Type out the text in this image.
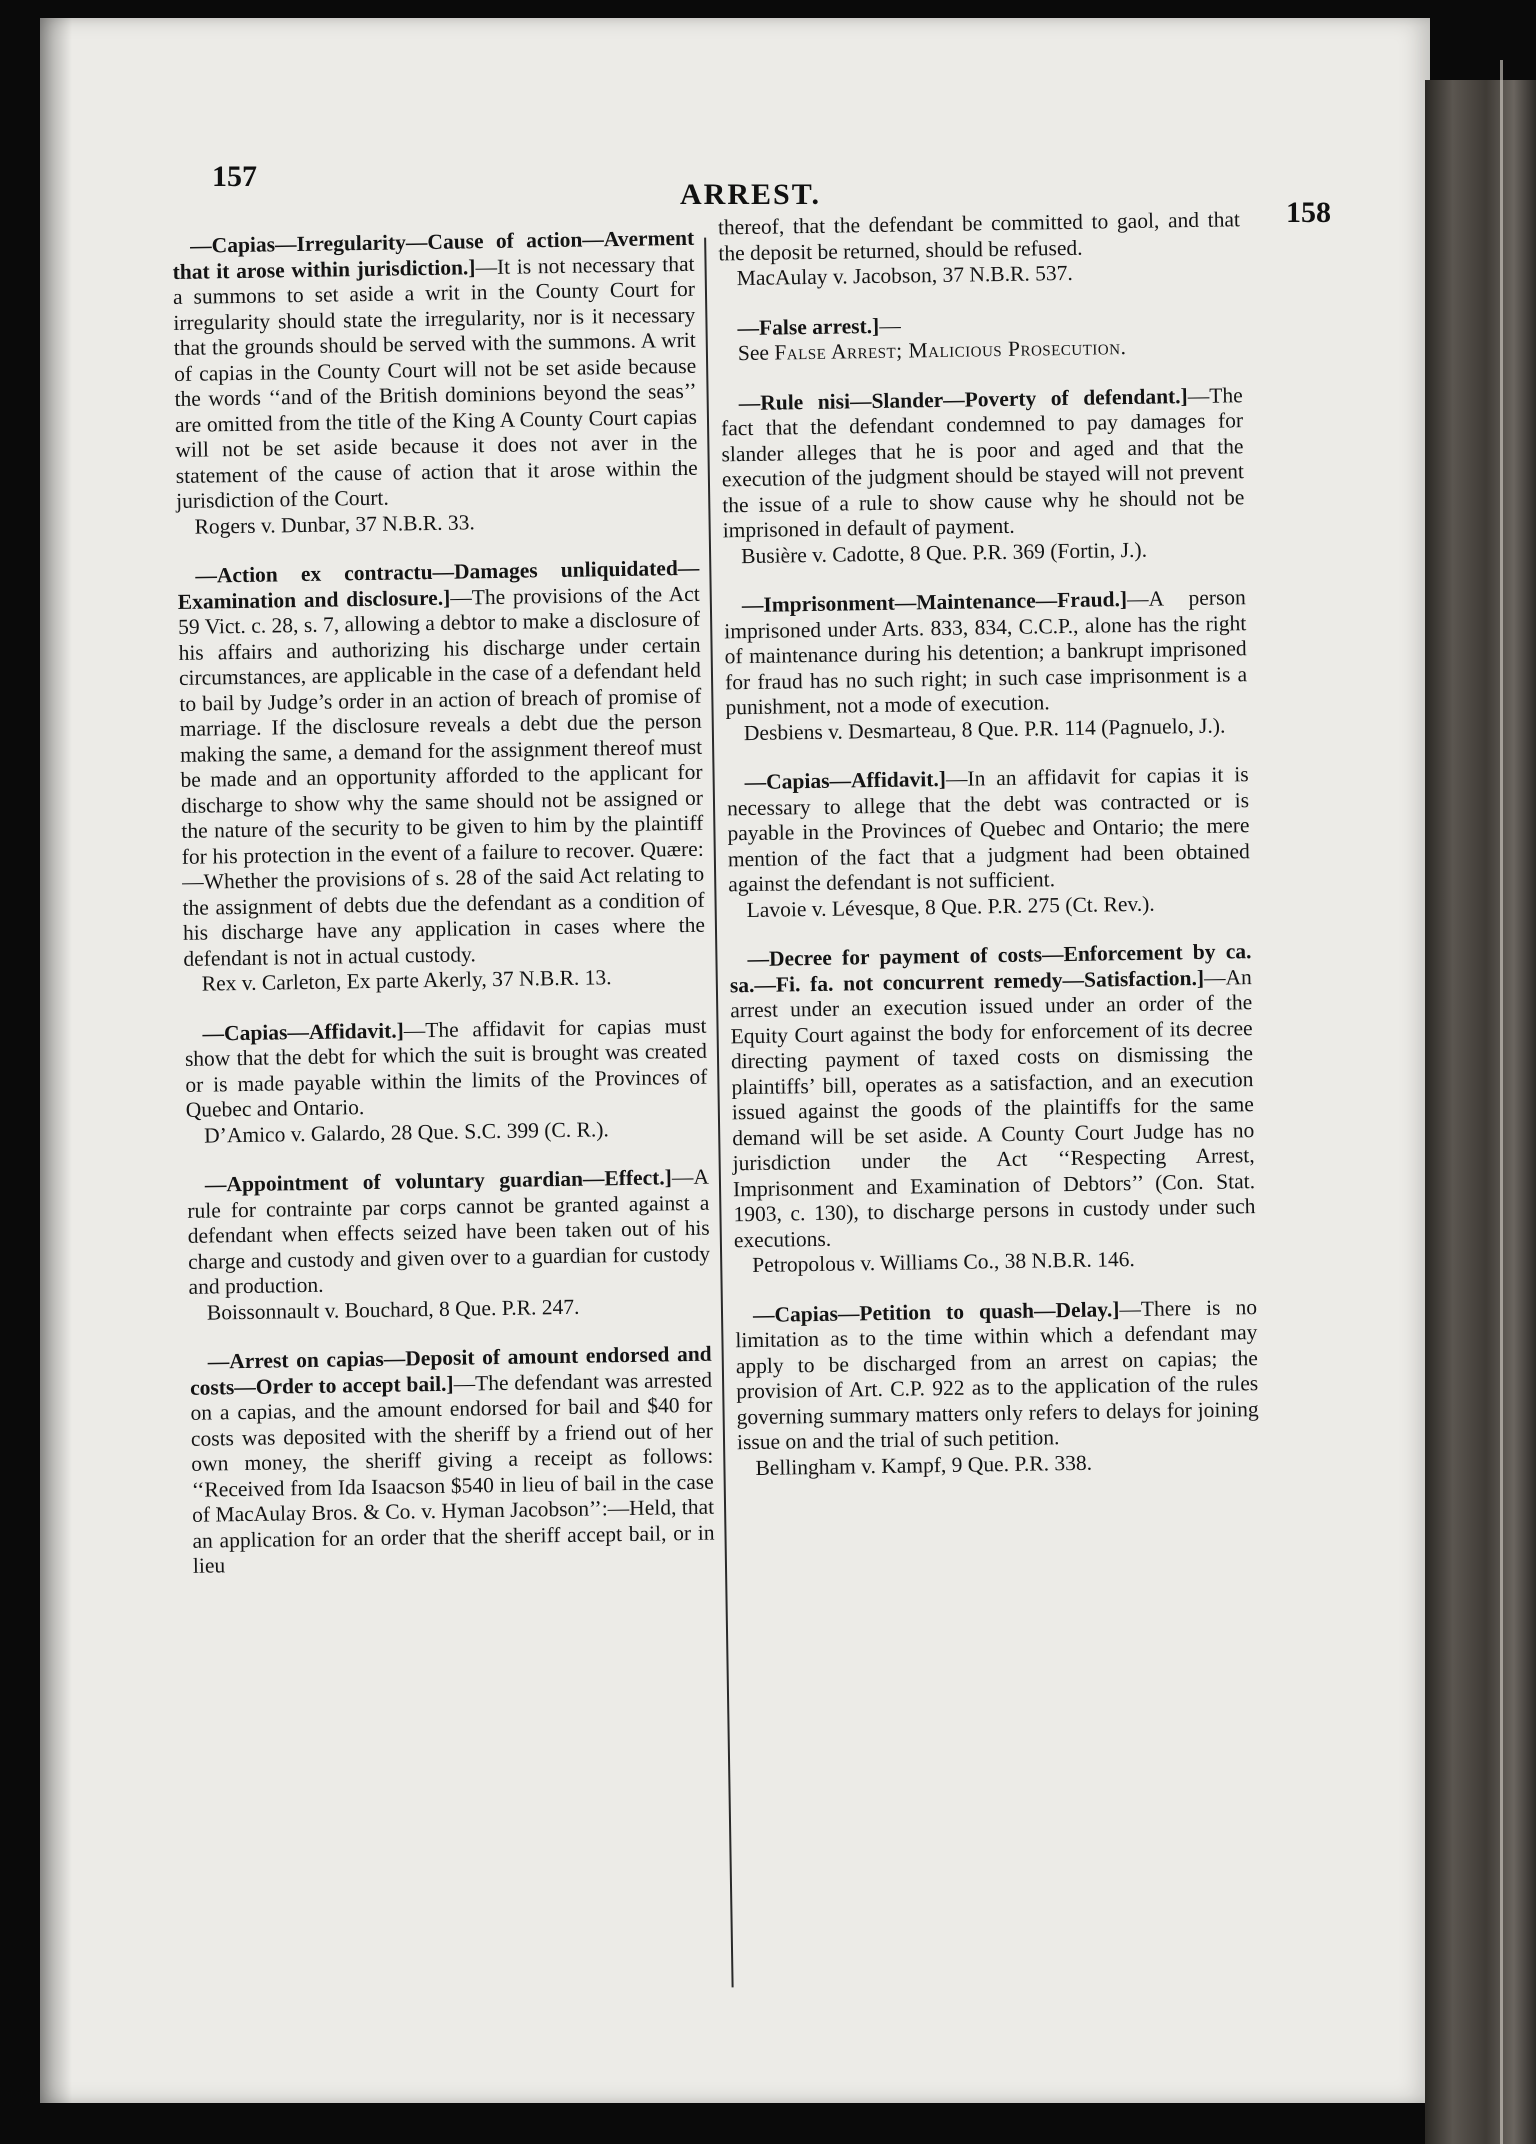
157
ARREST.
158

—Capias—Irregularity—Cause of action—Averment that it arose within jurisdiction.]—It is not necessary that a summons to set aside a writ in the County Court for irregularity should state the irregularity, nor is it necessary that the grounds should be served with the summons. A writ of capias in the County Court will not be set aside because the words ‘‘and of the British dominions beyond the seas’’ are omitted from the title of the King A County Court capias will not be set aside because it does not aver in the statement of the cause of action that it arose within the jurisdiction of the Court.

Rogers v. Dunbar, 37 N.B.R. 33.

—Action ex contractu—Damages unliquidated—Examination and disclosure.]—The provisions of the Act 59 Vict. c. 28, s. 7, allowing a debtor to make a disclosure of his affairs and authorizing his discharge under certain circumstances, are applicable in the case of a defendant held to bail by Judge’s order in an action of breach of promise of marriage. If the disclosure reveals a debt due the person making the same, a demand for the assignment thereof must be made and an opportunity afforded to the applicant for discharge to show why the same should not be assigned or the nature of the security to be given to him by the plaintiff for his protection in the event of a failure to recover. Quære:—Whether the provisions of s. 28 of the said Act relating to the assignment of debts due the defendant as a condition of his discharge have any application in cases where the defendant is not in actual custody.

Rex v. Carleton, Ex parte Akerly, 37 N.B.R. 13.

—Capias—Affidavit.]—The affidavit for capias must show that the debt for which the suit is brought was created or is made payable within the limits of the Provinces of Quebec and Ontario.

D’Amico v. Galardo, 28 Que. S.C. 399 (C. R.).

—Appointment of voluntary guardian—Effect.]—A rule for contrainte par corps cannot be granted against a defendant when effects seized have been taken out of his charge and custody and given over to a guardian for custody and production.

Boissonnault v. Bouchard, 8 Que. P.R. 247.

—Arrest on capias—Deposit of amount endorsed and costs—Order to accept bail.]—The defendant was arrested on a capias, and the amount endorsed for bail and $40 for costs was deposited with the sheriff by a friend out of her own money, the sheriff giving a receipt as follows: ‘‘Received from Ida Isaacson $540 in lieu of bail in the case of MacAulay Bros. & Co. v. Hyman Jacobson’’:—Held, that an application for an order that the sheriff accept bail, or in lieu

thereof, that the defendant be committed to gaol, and that the deposit be returned, should be refused.

MacAulay v. Jacobson, 37 N.B.R. 537.

—False arrest.]—

See False Arrest; Malicious Prosecution.

—Rule nisi—Slander—Poverty of defendant.]—The fact that the defendant condemned to pay damages for slander alleges that he is poor and aged and that the execution of the judgment should be stayed will not prevent the issue of a rule to show cause why he should not be imprisoned in default of payment.

Busière v. Cadotte, 8 Que. P.R. 369 (Fortin, J.).

—Imprisonment—Maintenance—Fraud.]—A person imprisoned under Arts. 833, 834, C.C.P., alone has the right of maintenance during his detention; a bankrupt imprisoned for fraud has no such right; in such case imprisonment is a punishment, not a mode of execution.

Desbiens v. Desmarteau, 8 Que. P.R. 114 (Pagnuelo, J.).

—Capias—Affidavit.]—In an affidavit for capias it is necessary to allege that the debt was contracted or is payable in the Provinces of Quebec and Ontario; the mere mention of the fact that a judgment had been obtained against the defendant is not sufficient.

Lavoie v. Lévesque, 8 Que. P.R. 275 (Ct. Rev.).

—Decree for payment of costs—Enforcement by ca. sa.—Fi. fa. not concurrent remedy—Satisfaction.]—An arrest under an execution issued under an order of the Equity Court against the body for enforcement of its decree directing payment of taxed costs on dismissing the plaintiffs’ bill, operates as a satisfaction, and an execution issued against the goods of the plaintiffs for the same demand will be set aside. A County Court Judge has no jurisdiction under the Act ‘‘Respecting Arrest, Imprisonment and Examination of Debtors’’ (Con. Stat. 1903, c. 130), to discharge persons in custody under such executions.

Petropolous v. Williams Co., 38 N.B.R. 146.

—Capias—Petition to quash—Delay.]—There is no limitation as to the time within which a defendant may apply to be discharged from an arrest on capias; the provision of Art. C.P. 922 as to the application of the rules governing summary matters only refers to delays for joining issue on and the trial of such petition.

Bellingham v. Kampf, 9 Que. P.R. 338.
